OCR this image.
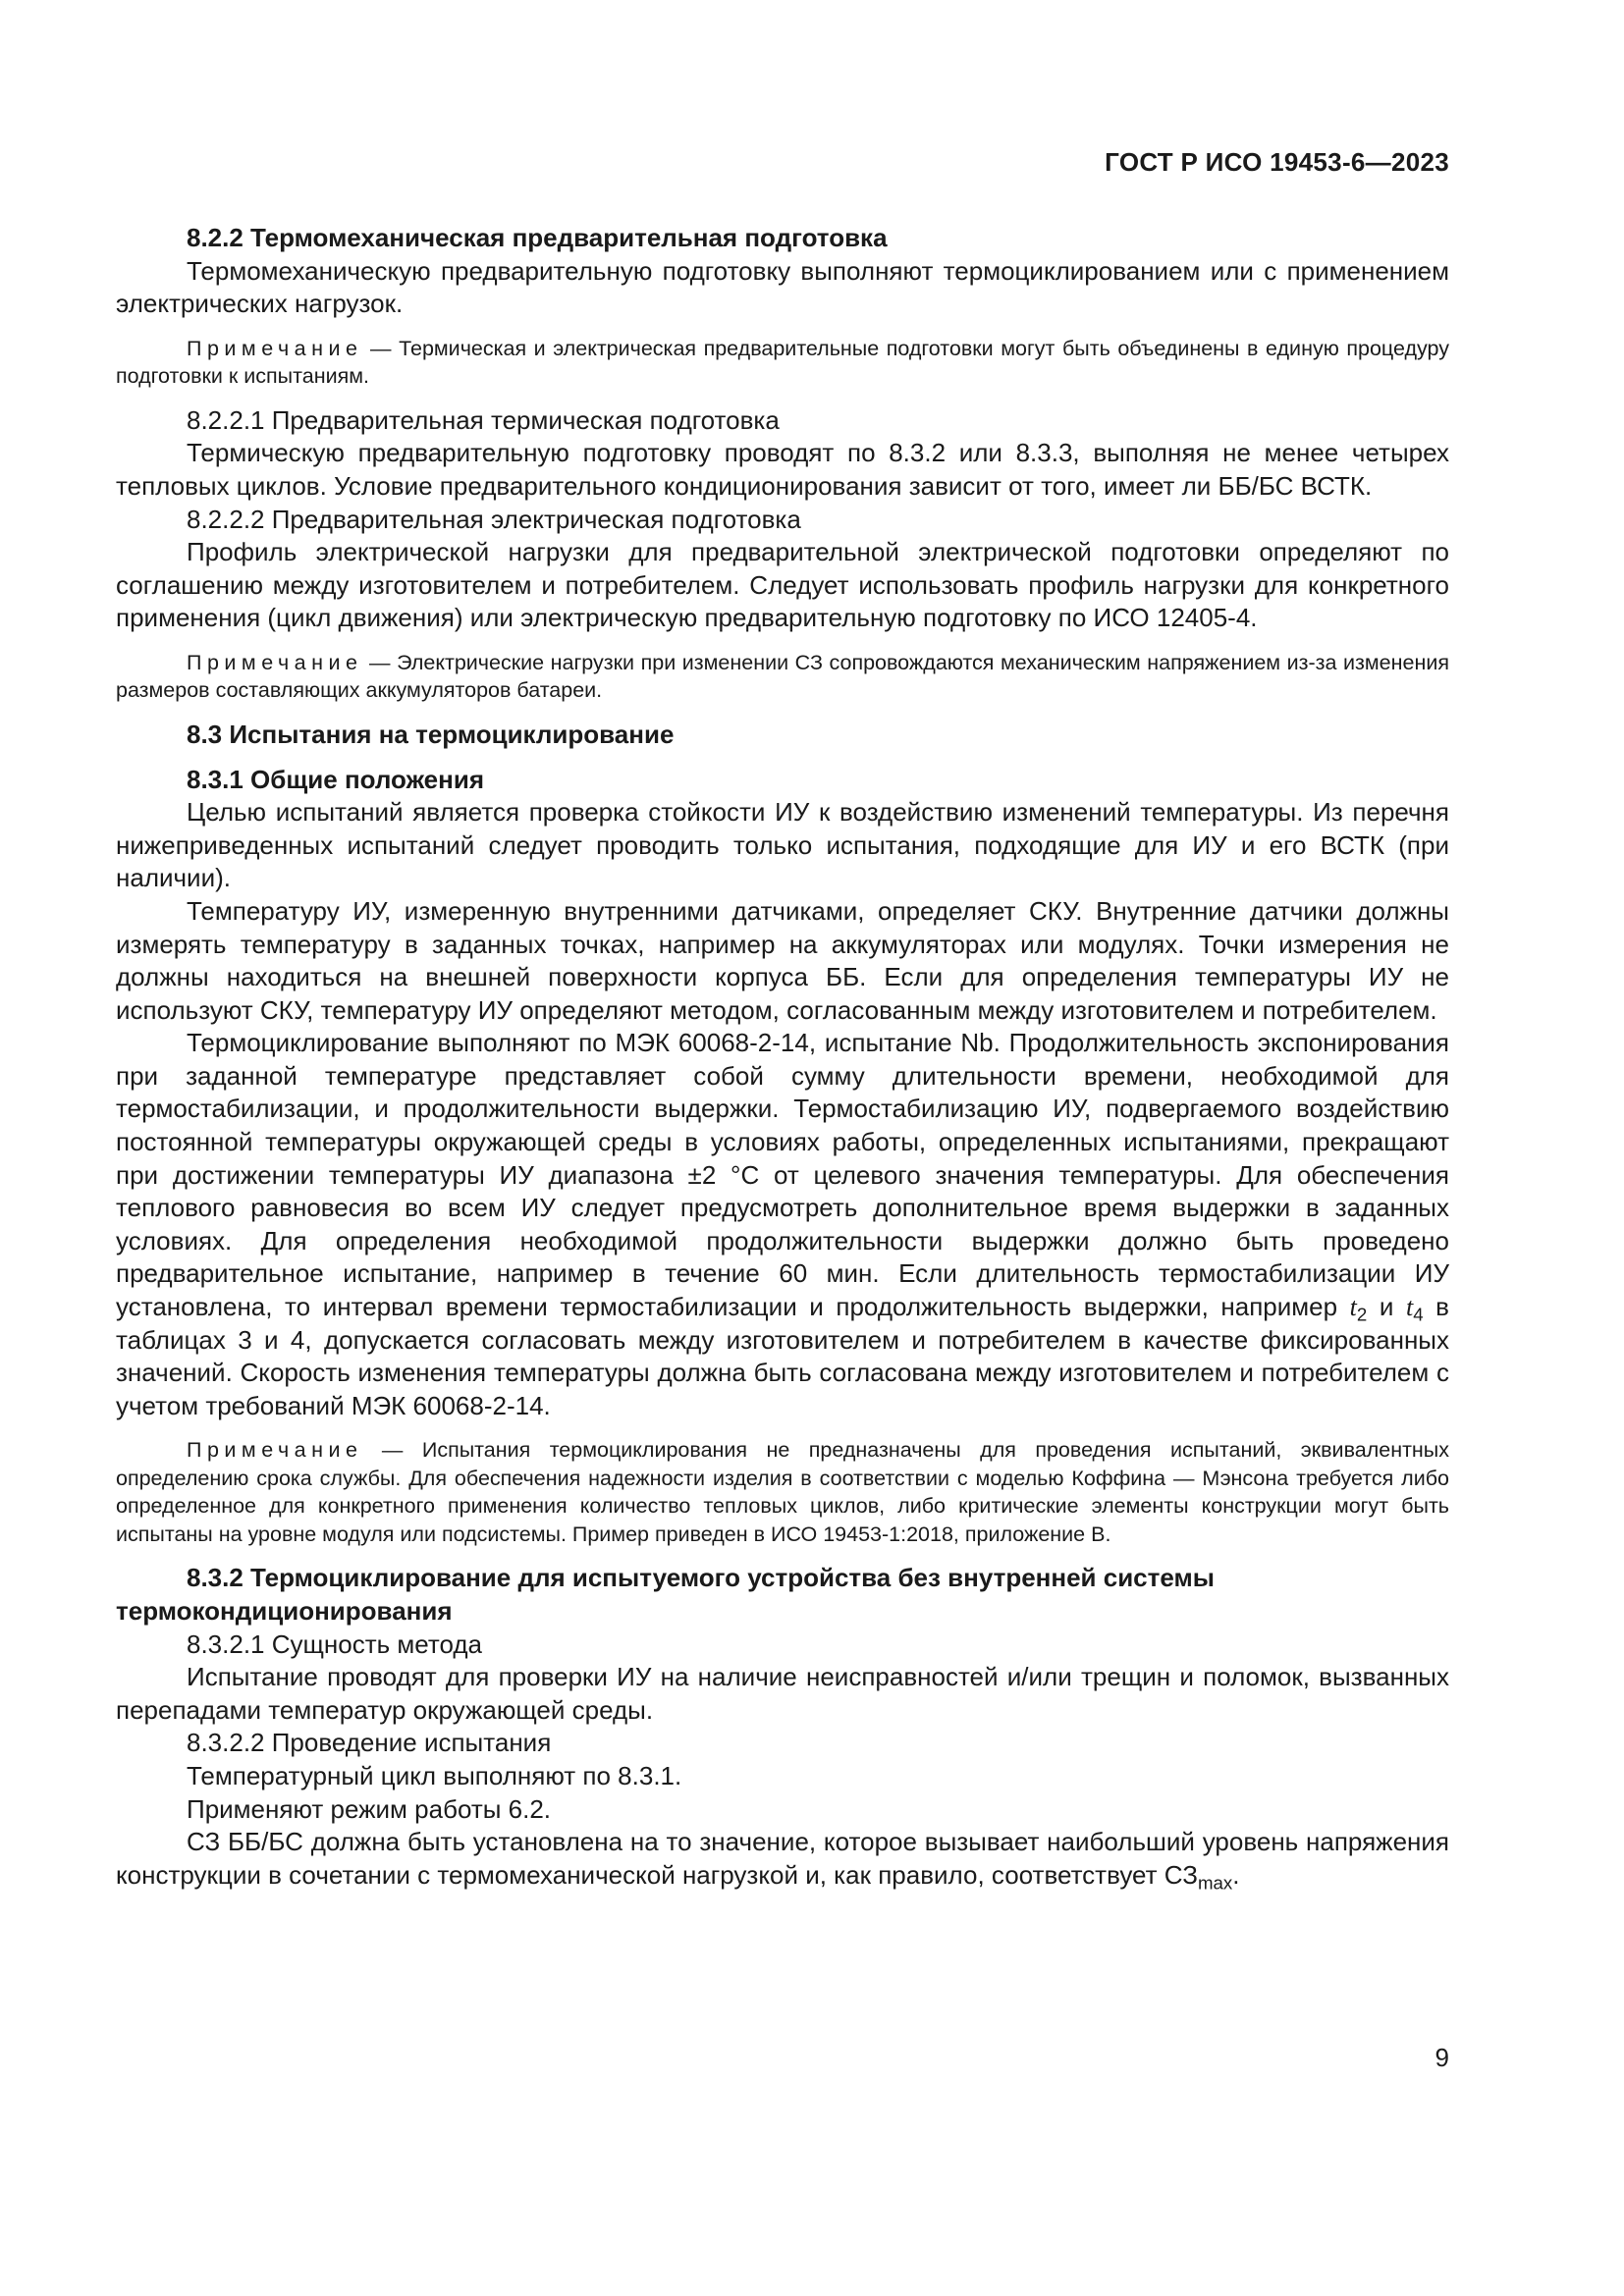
ГОСТ Р ИСО 19453-6—2023

8.2.2 Термомеханическая предварительная подготовка

Термомеханическую предварительную подготовку выполняют термоциклированием или с применением электрических нагрузок.

Примечание — Термическая и электрическая предварительные подготовки могут быть объединены в единую процедуру подготовки к испытаниям.

8.2.2.1 Предварительная термическая подготовка

Термическую предварительную подготовку проводят по 8.3.2 или 8.3.3, выполняя не менее четырех тепловых циклов. Условие предварительного кондиционирования зависит от того, имеет ли ББ/БС ВСТК.

8.2.2.2 Предварительная электрическая подготовка

Профиль электрической нагрузки для предварительной электрической подготовки определяют по соглашению между изготовителем и потребителем. Следует использовать профиль нагрузки для конкретного применения (цикл движения) или электрическую предварительную подготовку по ИСО 12405-4.

Примечание — Электрические нагрузки при изменении СЗ сопровождаются механическим напряжением из-за изменения размеров составляющих аккумуляторов батареи.

8.3 Испытания на термоциклирование

8.3.1 Общие положения

Целью испытаний является проверка стойкости ИУ к воздействию изменений температуры. Из перечня нижеприведенных испытаний следует проводить только испытания, подходящие для ИУ и его ВСТК (при наличии).

Температуру ИУ, измеренную внутренними датчиками, определяет СКУ. Внутренние датчики должны измерять температуру в заданных точках, например на аккумуляторах или модулях. Точки измерения не должны находиться на внешней поверхности корпуса ББ. Если для определения температуры ИУ не используют СКУ, температуру ИУ определяют методом, согласованным между изготовителем и потребителем.

Термоциклирование выполняют по МЭК 60068-2-14, испытание Nb. Продолжительность экспонирования при заданной температуре представляет собой сумму длительности времени, необходимой для термостабилизации, и продолжительности выдержки. Термостабилизацию ИУ, подвергаемого воздействию постоянной температуры окружающей среды в условиях работы, определенных испытаниями, прекращают при достижении температуры ИУ диапазона ±2 °C от целевого значения температуры. Для обеспечения теплового равновесия во всем ИУ следует предусмотреть дополнительное время выдержки в заданных условиях. Для определения необходимой продолжительности выдержки должно быть проведено предварительное испытание, например в течение 60 мин. Если длительность термостабилизации ИУ установлена, то интервал времени термостабилизации и продолжительность выдержки, например $t_2$ и $t_4$ в таблицах 3 и 4, допускается согласовать между изготовителем и потребителем в качестве фиксированных значений. Скорость изменения температуры должна быть согласована между изготовителем и потребителем с учетом требований МЭК 60068-2-14.

Примечание — Испытания термоциклирования не предназначены для проведения испытаний, эквивалентных определению срока службы. Для обеспечения надежности изделия в соответствии с моделью Коффина — Мэнсона требуется либо определенное для конкретного применения количество тепловых циклов, либо критические элементы конструкции могут быть испытаны на уровне модуля или подсистемы. Пример приведен в ИСО 19453-1:2018, приложение В.

8.3.2 Термоциклирование для испытуемого устройства без внутренней системы термокондиционирования

8.3.2.1 Сущность метода

Испытание проводят для проверки ИУ на наличие неисправностей и/или трещин и поломок, вызванных перепадами температур окружающей среды.

8.3.2.2 Проведение испытания

Температурный цикл выполняют по 8.3.1.

Применяют режим работы 6.2.

СЗ ББ/БС должна быть установлена на то значение, которое вызывает наибольший уровень напряжения конструкции в сочетании с термомеханической нагрузкой и, как правило, соответствует $СЗ_{max}$.

9
